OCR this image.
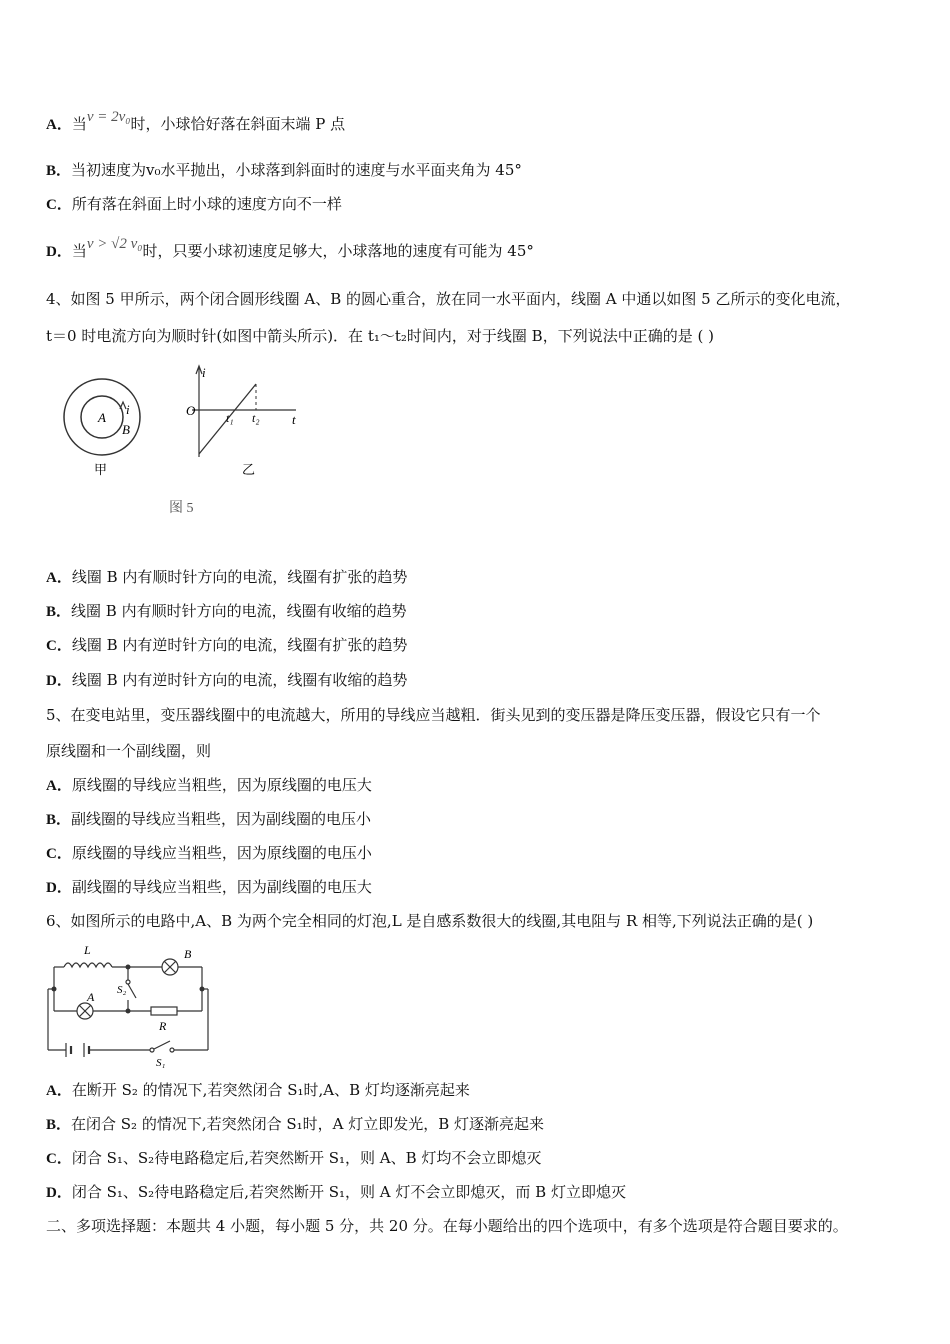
A．当v = 2v₀时，小球恰好落在斜面末端 P 点
B．当初速度为v₀水平抛出，小球落到斜面时的速度与水平面夹角为 45°
C．所有落在斜面上时小球的速度方向不一样
D．当v > √2 v₀时，只要小球初速度足够大，小球落地的速度有可能为 45°
4、如图 5 甲所示，两个闭合圆形线圈 A、B 的圆心重合，放在同一水平面内，线圈 A 中通以如图 5 乙所示的变化电流，
t＝0 时电流方向为顺时针(如图中箭头所示)．在 t₁～t₂时间内，对于线圈 B，下列说法中正确的是 ( )
A
i
B
甲
i
O
t
t₁ t₂
乙
图 5
A．线圈 B 内有顺时针方向的电流，线圈有扩张的趋势
B．线圈 B 内有顺时针方向的电流，线圈有收缩的趋势
C．线圈 B 内有逆时针方向的电流，线圈有扩张的趋势
D．线圈 B 内有逆时针方向的电流，线圈有收缩的趋势
5、在变电站里，变压器线圈中的电流越大，所用的导线应当越粗．街头见到的变压器是降压变压器，假设它只有一个
原线圈和一个副线圈，则
A．原线圈的导线应当粗些，因为原线圈的电压大
B．副线圈的导线应当粗些，因为副线圈的电压小
C．原线圈的导线应当粗些，因为原线圈的电压小
D．副线圈的导线应当粗些，因为副线圈的电压大
6、如图所示的电路中,A、B 为两个完全相同的灯泡,L 是自感系数很大的线圈,其电阻与 R 相等,下列说法正确的是( )
L	B
A S₂
R
S₁
A．在断开 S₂ 的情况下,若突然闭合 S₁时,A、B 灯均逐渐亮起来
B．在闭合 S₂ 的情况下,若突然闭合 S₁时，A 灯立即发光，B 灯逐渐亮起来
C．闭合 S₁、S₂待电路稳定后,若突然断开 S₁，则 A、B 灯均不会立即熄灭
D．闭合 S₁、S₂待电路稳定后,若突然断开 S₁，则 A 灯不会立即熄灭，而 B 灯立即熄灭
二、多项选择题：本题共 4 小题，每小题 5 分，共 20 分。在每小题给出的四个选项中，有多个选项是符合题目要求的。
